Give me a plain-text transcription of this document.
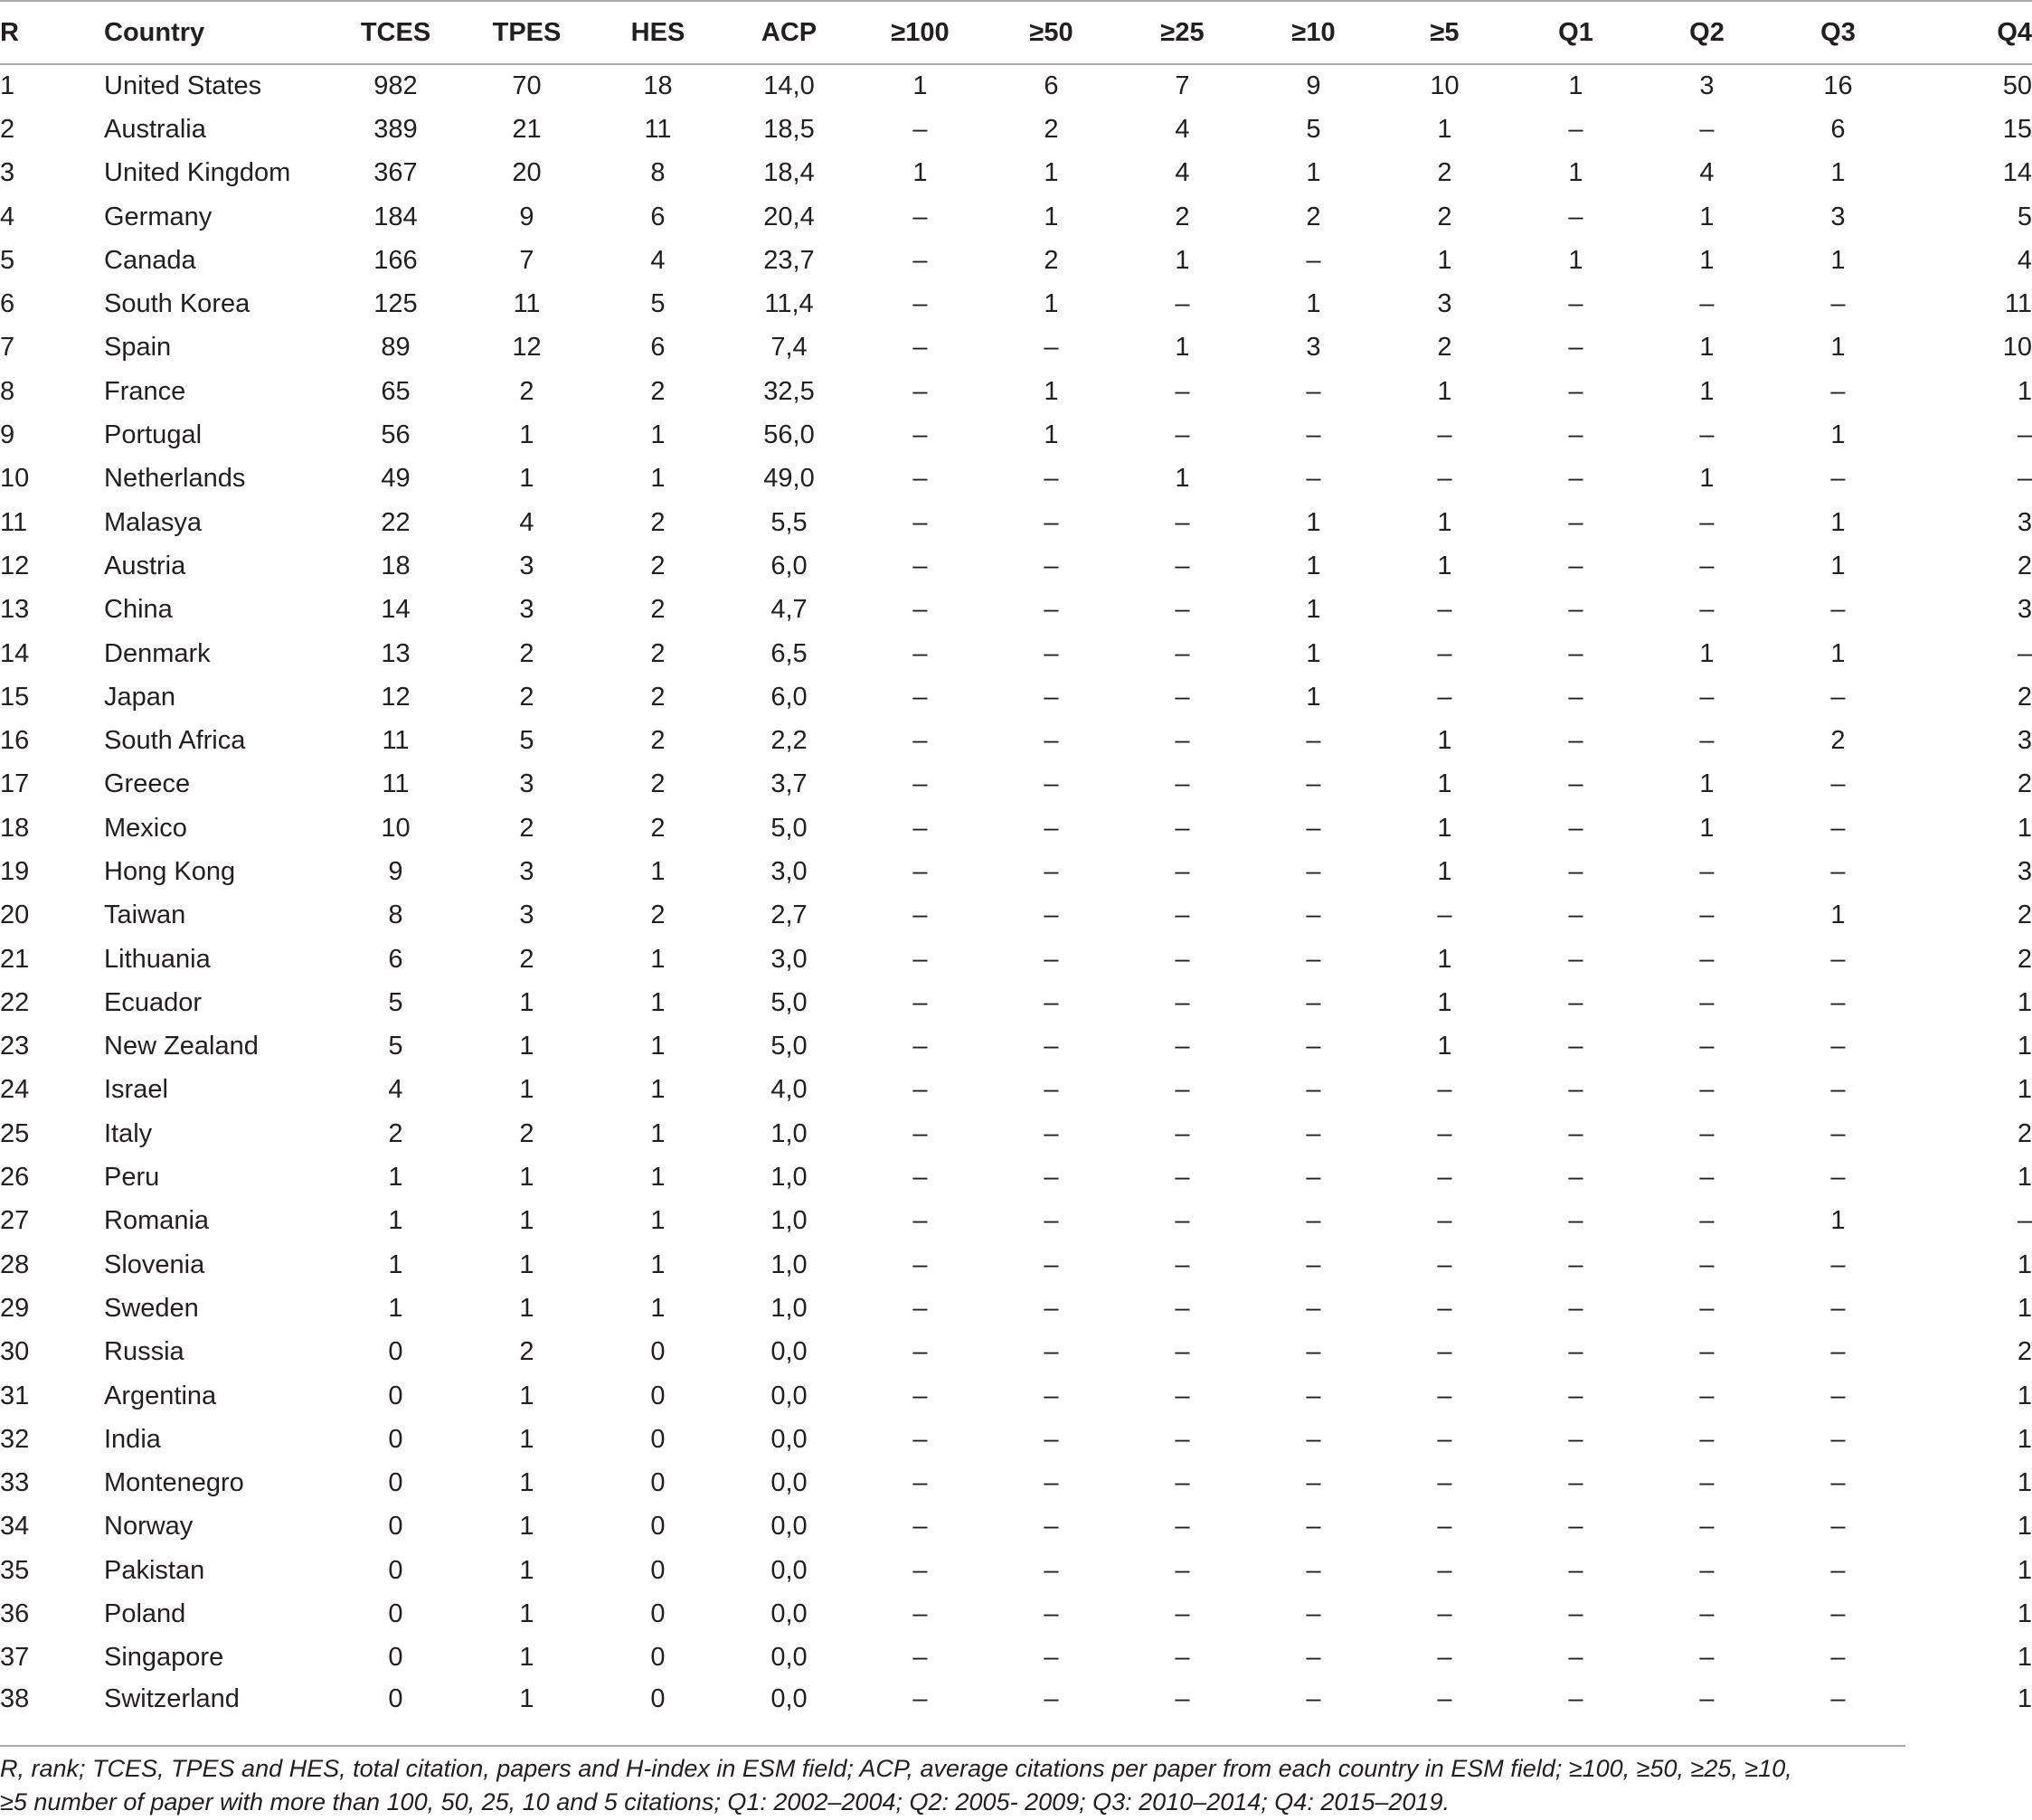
R	Country	TCES	TPES	HES	ACP	≥100	≥50	≥25	≥10	≥5	Q1	Q2	Q3	Q4
1	United States	982	70	18	14,0	1	6	7	9	10	1	3	16	50
2	Australia	389	21	11	18,5	–	2	4	5	1	–	–	6	15
3	United Kingdom	367	20	8	18,4	1	1	4	1	2	1	4	1	14
4	Germany	184	9	6	20,4	–	1	2	2	2	–	1	3	5
5	Canada	166	7	4	23,7	–	2	1	–	1	1	1	1	4
6	South Korea	125	11	5	11,4	–	1	–	1	3	–	–	–	11
7	Spain	89	12	6	7,4	–	–	1	3	2	–	1	1	10
8	France	65	2	2	32,5	–	1	–	–	1	–	1	–	1
9	Portugal	56	1	1	56,0	–	1	–	–	–	–	–	1	–
10	Netherlands	49	1	1	49,0	–	–	1	–	–	–	1	–	–
11	Malasya	22	4	2	5,5	–	–	–	1	1	–	–	1	3
12	Austria	18	3	2	6,0	–	–	–	1	1	–	–	1	2
13	China	14	3	2	4,7	–	–	–	1	–	–	–	–	3
14	Denmark	13	2	2	6,5	–	–	–	1	–	–	1	1	–
15	Japan	12	2	2	6,0	–	–	–	1	–	–	–	–	2
16	South Africa	11	5	2	2,2	–	–	–	–	1	–	–	2	3
17	Greece	11	3	2	3,7	–	–	–	–	1	–	1	–	2
18	Mexico	10	2	2	5,0	–	–	–	–	1	–	1	–	1
19	Hong Kong	9	3	1	3,0	–	–	–	–	1	–	–	–	3
20	Taiwan	8	3	2	2,7	–	–	–	–	–	–	–	1	2
21	Lithuania	6	2	1	3,0	–	–	–	–	1	–	–	–	2
22	Ecuador	5	1	1	5,0	–	–	–	–	1	–	–	–	1
23	New Zealand	5	1	1	5,0	–	–	–	–	1	–	–	–	1
24	Israel	4	1	1	4,0	–	–	–	–	–	–	–	–	1
25	Italy	2	2	1	1,0	–	–	–	–	–	–	–	–	2
26	Peru	1	1	1	1,0	–	–	–	–	–	–	–	–	1
27	Romania	1	1	1	1,0	–	–	–	–	–	–	–	1	–
28	Slovenia	1	1	1	1,0	–	–	–	–	–	–	–	–	1
29	Sweden	1	1	1	1,0	–	–	–	–	–	–	–	–	1
30	Russia	0	2	0	0,0	–	–	–	–	–	–	–	–	2
31	Argentina	0	1	0	0,0	–	–	–	–	–	–	–	–	1
32	India	0	1	0	0,0	–	–	–	–	–	–	–	–	1
33	Montenegro	0	1	0	0,0	–	–	–	–	–	–	–	–	1
34	Norway	0	1	0	0,0	–	–	–	–	–	–	–	–	1
35	Pakistan	0	1	0	0,0	–	–	–	–	–	–	–	–	1
36	Poland	0	1	0	0,0	–	–	–	–	–	–	–	–	1
37	Singapore	0	1	0	0,0	–	–	–	–	–	–	–	–	1
38	Switzerland	0	1	0	0,0	–	–	–	–	–	–	–	–	1
R, rank; TCES, TPES and HES, total citation, papers and H-index in ESM field; ACP, average citations per paper from each country in ESM field; ≥100, ≥50, ≥25, ≥10,
≥5 number of paper with more than 100, 50, 25, 10 and 5 citations; Q1: 2002–2004; Q2: 2005- 2009; Q3: 2010–2014; Q4: 2015–2019.
